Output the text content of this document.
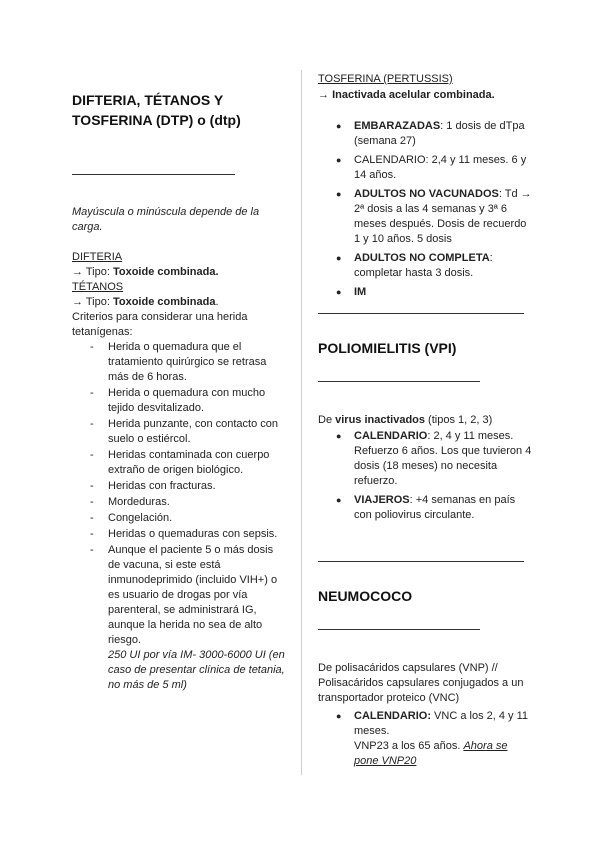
DIFTERIA, TÉTANOS Y TOSFERINA (DTP) o (dtp)

Mayúscula o minúscula depende de la carga.

DIFTERIA

→ Tipo: Toxoide combinada.

TÉTANOS

→ Tipo: Toxoide combinada.

Criterios para considerar una herida tetanígenas:

- Herida o quemadura que el tratamiento quirúrgico se retrasa más de 6 horas.
- Herida o quemadura con mucho tejido desvitalizado.
- Herida punzante, con contacto con suelo o estiércol.
- Heridas contaminada con cuerpo extraño de origen biológico.
- Heridas con fracturas.
- Mordeduras.
- Congelación.
- Heridas o quemaduras con sepsis.
- Aunque el paciente 5 o más dosis de vacuna, si este está inmunodeprimido (incluido VIH+) o es usuario de drogas por vía parenteral, se administrará IG, aunque la herida no sea de alto riesgo.
250 UI por vía IM- 3000-6000 UI (en caso de presentar clínica de tetania, no más de 5 ml)

TOSFERINA (PERTUSSIS)

→ Inactivada acelular combinada.

● EMBARAZADAS: 1 dosis de dTpa (semana 27)
● CALENDARIO: 2,4 y 11 meses. 6 y 14 años.
● ADULTOS NO VACUNADOS: Td → 2ª dosis a las 4 semanas y 3ª 6 meses después. Dosis de recuerdo 1 y 10 años. 5 dosis
● ADULTOS NO COMPLETA: completar hasta 3 dosis.
● IM
POLIOMIELITIS (VPI)

De virus inactivados (tipos 1, 2, 3)

● CALENDARIO: 2, 4 y 11 meses. Refuerzo 6 años. Los que tuvieron 4 dosis (18 meses) no necesita refuerzo.
● VIAJEROS: +4 semanas en país con poliovirus circulante.
NEUMOCOCO

De polisacáridos capsulares (VNP) // Polisacáridos capsulares conjugados a un transportador proteico (VNC)

● CALENDARIO: VNC a los 2, 4 y 11 meses.
VNP23 a los 65 años. Ahora se pone VNP20
